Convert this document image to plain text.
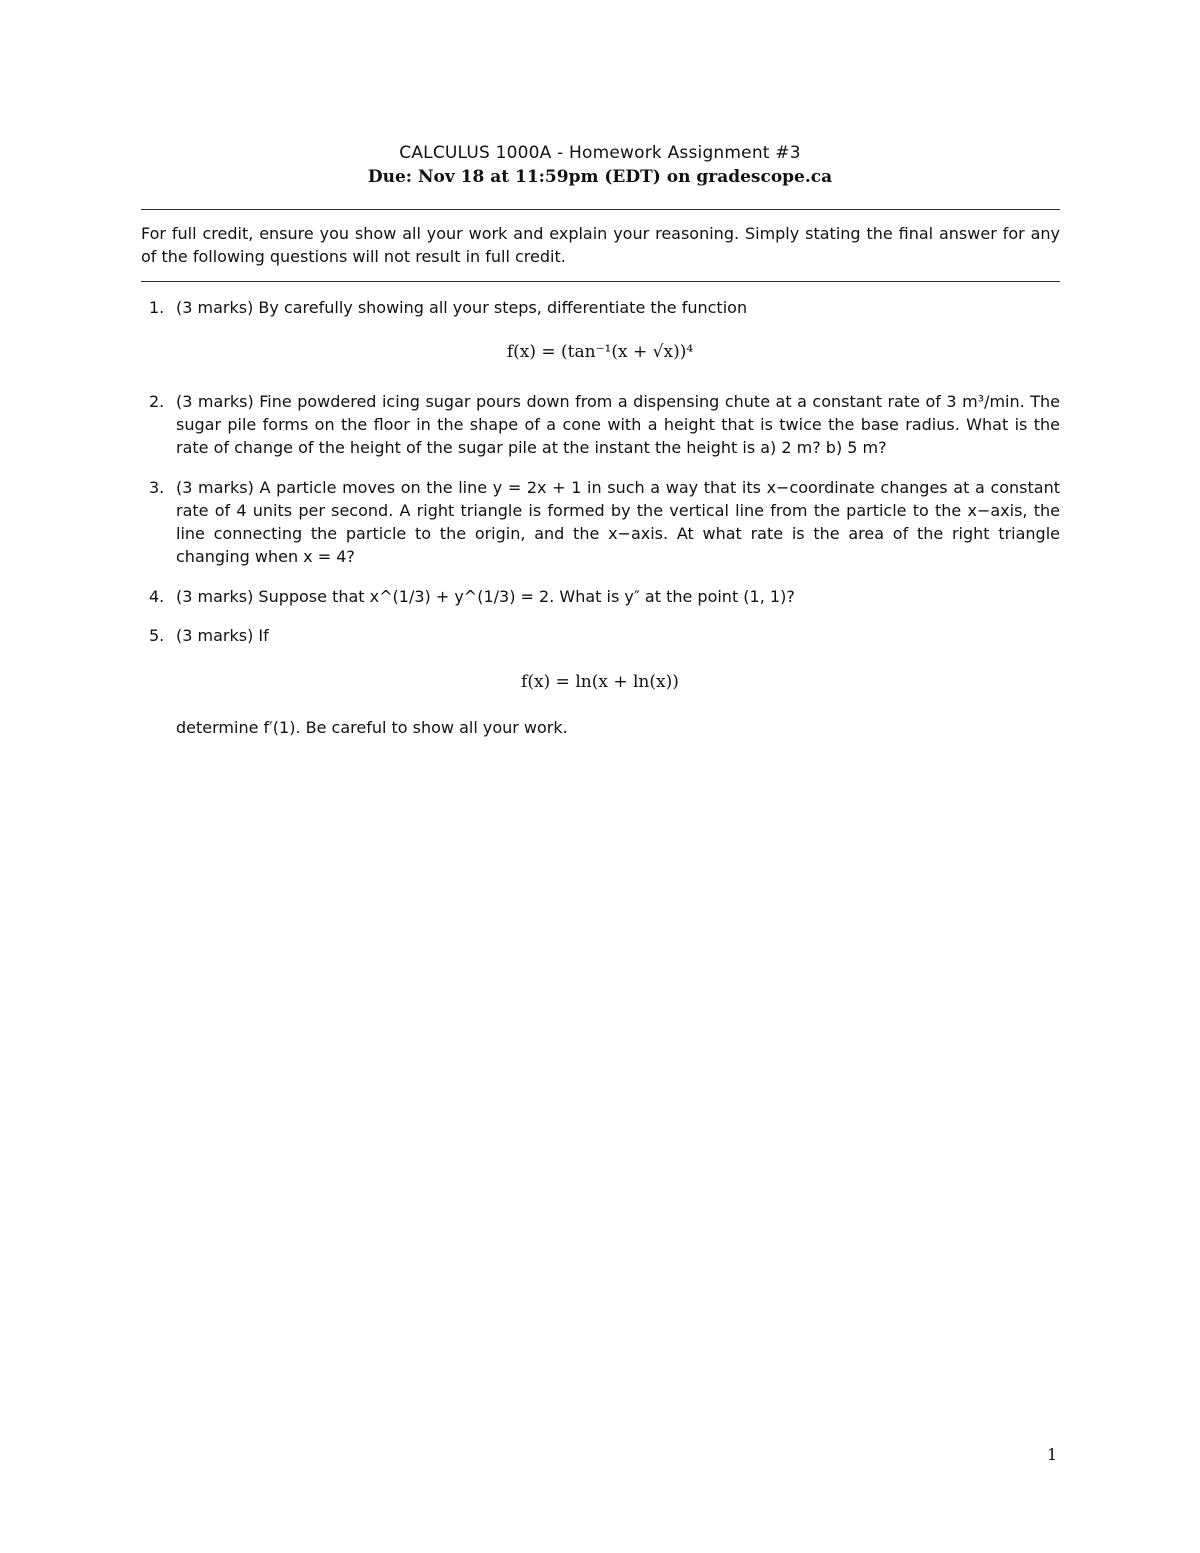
CALCULUS 1000A - Homework Assignment #3
Due: Nov 18 at 11:59pm (EDT) on gradescope.ca
For full credit, ensure you show all your work and explain your reasoning. Simply stating the final answer for any of the following questions will not result in full credit.
1. (3 marks) By carefully showing all your steps, differentiate the function
f(x) = (tan⁻¹(x + √x))⁴
2. (3 marks) Fine powdered icing sugar pours down from a dispensing chute at a constant rate of 3 m³/min. The sugar pile forms on the floor in the shape of a cone with a height that is twice the base radius. What is the rate of change of the height of the sugar pile at the instant the height is a) 2 m? b) 5 m?
3. (3 marks) A particle moves on the line y = 2x + 1 in such a way that its x−coordinate changes at a constant rate of 4 units per second. A right triangle is formed by the vertical line from the particle to the x−axis, the line connecting the particle to the origin, and the x−axis. At what rate is the area of the right triangle changing when x = 4?
4. (3 marks) Suppose that x^(1/3) + y^(1/3) = 2. What is y″ at the point (1, 1)?
5. (3 marks) If
f(x) = ln(x + ln(x))
determine f′(1). Be careful to show all your work.
1
